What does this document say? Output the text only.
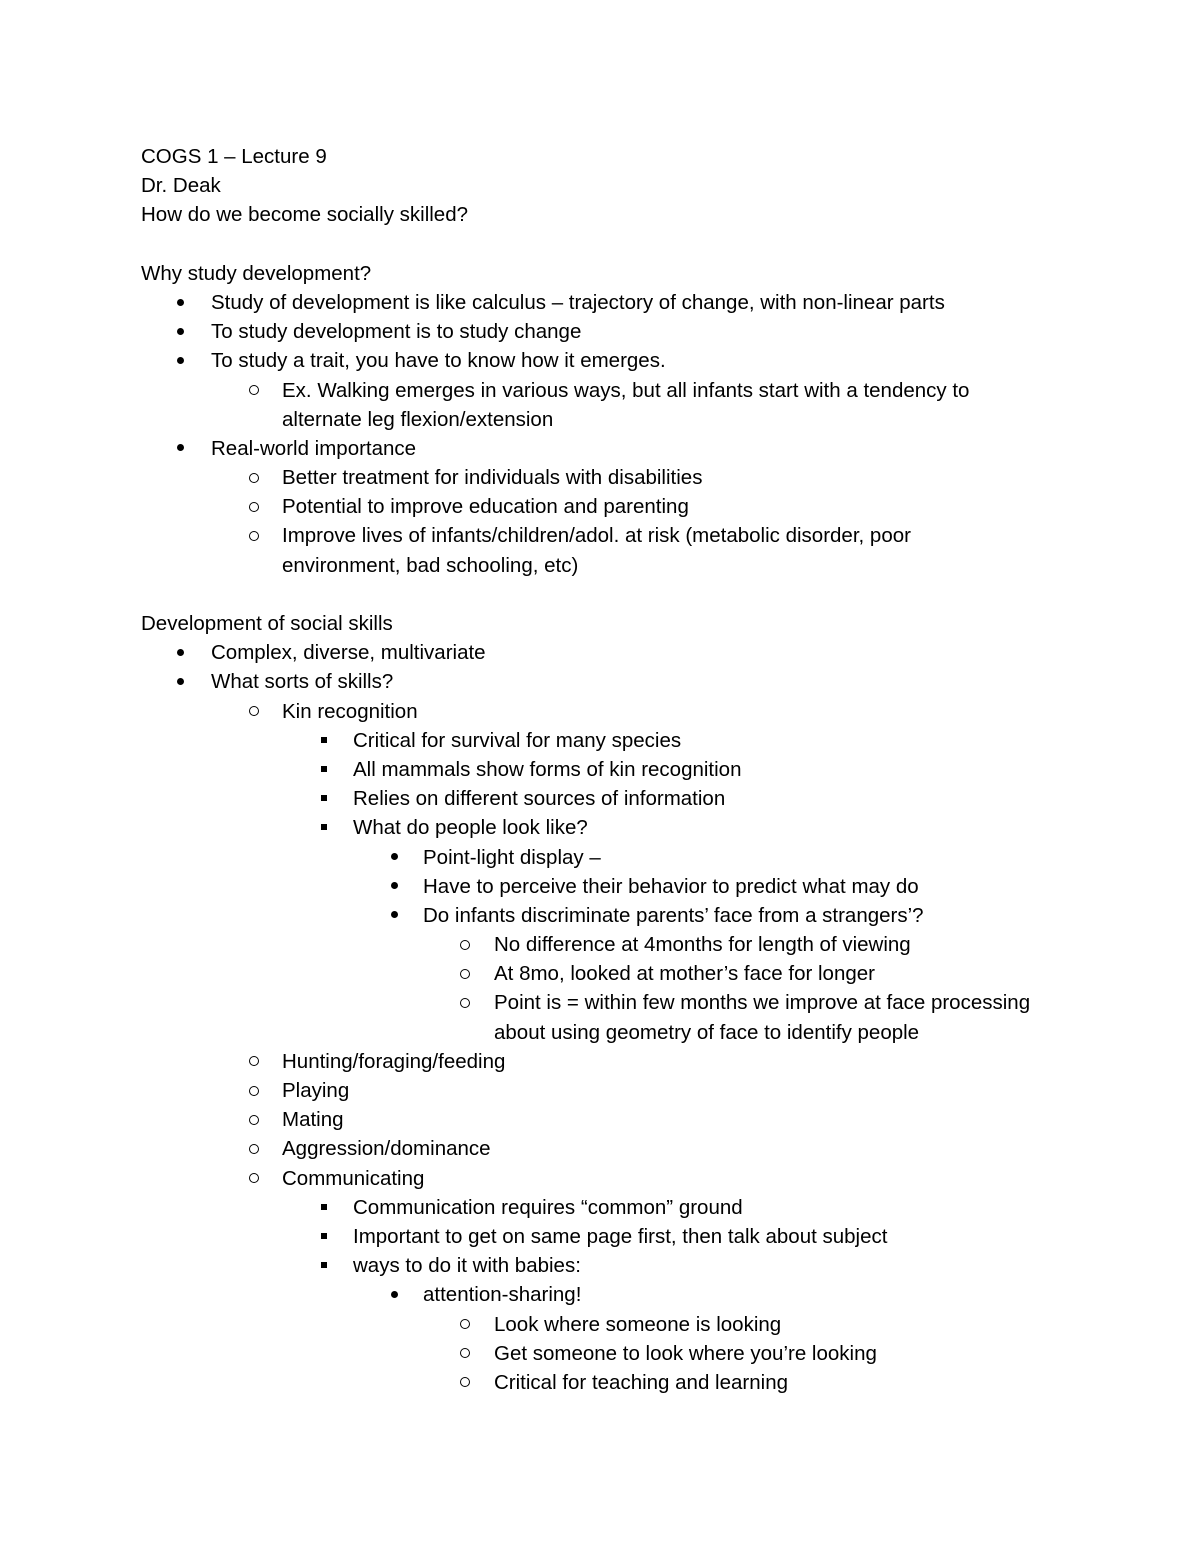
COGS 1 – Lecture 9
Dr. Deak
How do we become socially skilled?
Why study development?
Study of development is like calculus – trajectory of change, with non-linear parts
To study development is to study change
To study a trait, you have to know how it emerges.
Ex. Walking emerges in various ways, but all infants start with a tendency to
alternate leg flexion/extension
Real-world importance
Better treatment for individuals with disabilities
Potential to improve education and parenting
Improve lives of infants/children/adol. at risk (metabolic disorder, poor
environment, bad schooling, etc)
Development of social skills
Complex, diverse, multivariate
What sorts of skills?
Kin recognition
Critical for survival for many species
All mammals show forms of kin recognition
Relies on different sources of information
What do people look like?
Point-light display –
Have to perceive their behavior to predict what may do
Do infants discriminate parents’ face from a strangers’?
No difference at 4months for length of viewing
At 8mo, looked at mother’s face for longer
Point is = within few months we improve at face processing
about using geometry of face to identify people
Hunting/foraging/feeding
Playing
Mating
Aggression/dominance
Communicating
Communication requires “common” ground
Important to get on same page first, then talk about subject
ways to do it with babies:
attention-sharing!
Look where someone is looking
Get someone to look where you’re looking
Critical for teaching and learning
